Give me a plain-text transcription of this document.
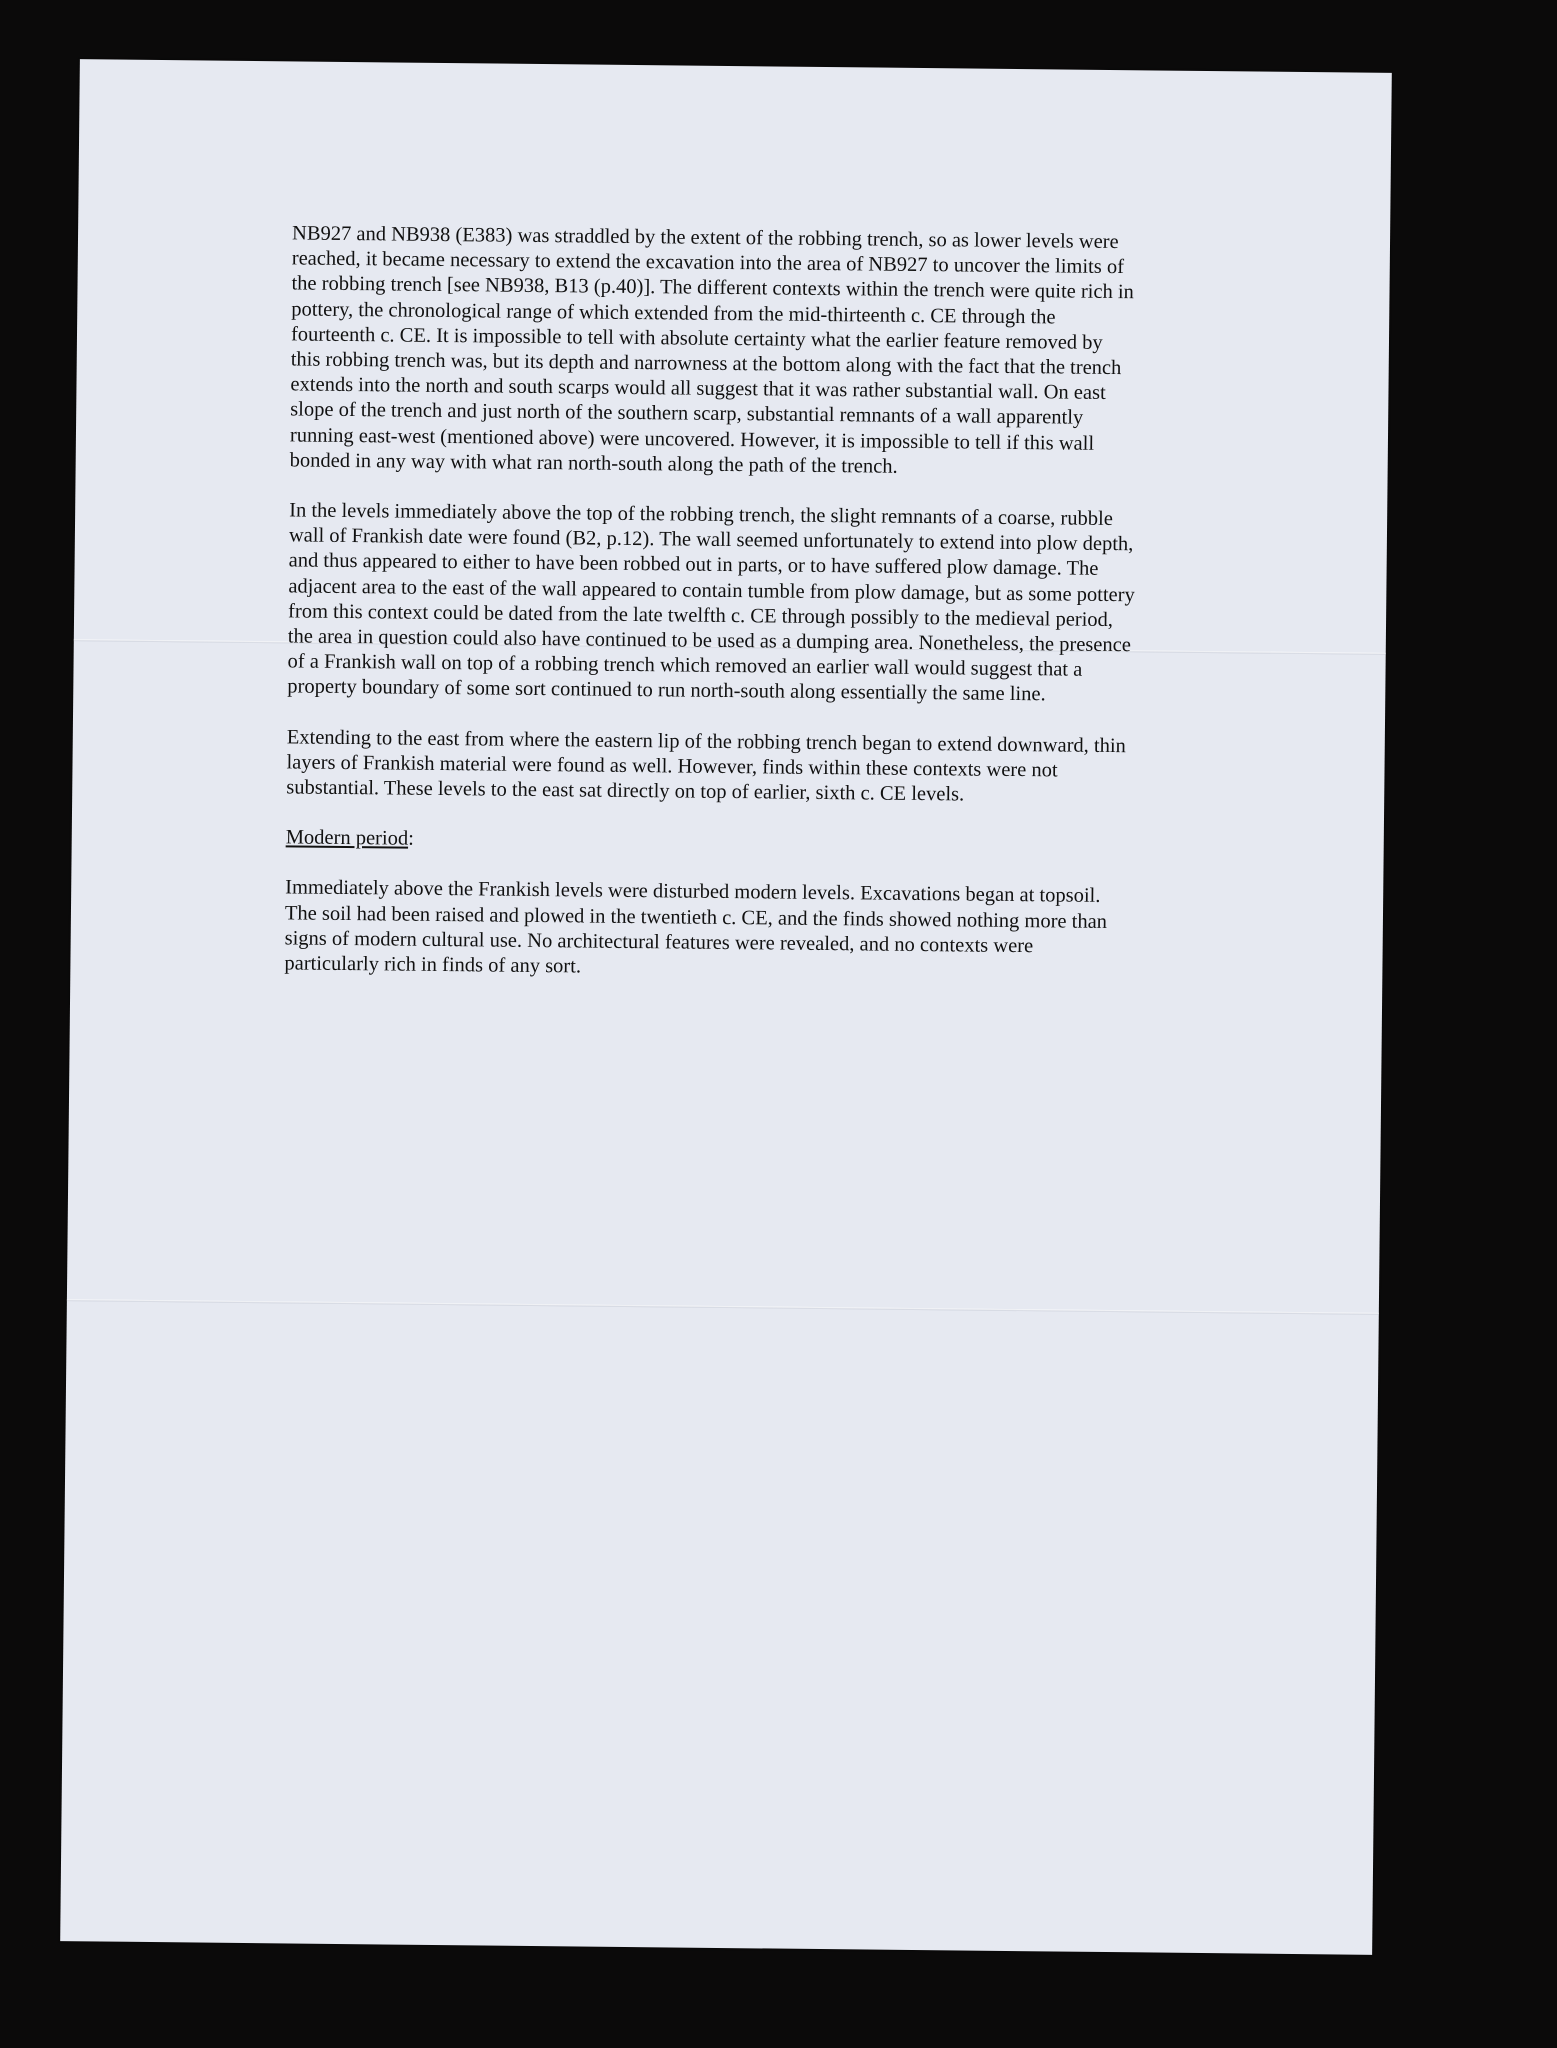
NB927 and NB938 (E383) was straddled by the extent of the robbing trench, so as lower levels were
reached, it became necessary to extend the excavation into the area of NB927 to uncover the limits of
the robbing trench [see NB938, B13 (p.40)]. The different contexts within the trench were quite rich in
pottery, the chronological range of which extended from the mid-thirteenth c. CE through the
fourteenth c. CE. It is impossible to tell with absolute certainty what the earlier feature removed by
this robbing trench was, but its depth and narrowness at the bottom along with the fact that the trench
extends into the north and south scarps would all suggest that it was rather substantial wall. On east
slope of the trench and just north of the southern scarp, substantial remnants of a wall apparently
running east-west (mentioned above) were uncovered. However, it is impossible to tell if this wall
bonded in any way with what ran north-south along the path of the trench.

In the levels immediately above the top of the robbing trench, the slight remnants of a coarse, rubble
wall of Frankish date were found (B2, p.12). The wall seemed unfortunately to extend into plow depth,
and thus appeared to either to have been robbed out in parts, or to have suffered plow damage. The
adjacent area to the east of the wall appeared to contain tumble from plow damage, but as some pottery
from this context could be dated from the late twelfth c. CE through possibly to the medieval period,
the area in question could also have continued to be used as a dumping area. Nonetheless, the presence
of a Frankish wall on top of a robbing trench which removed an earlier wall would suggest that a
property boundary of some sort continued to run north-south along essentially the same line.

Extending to the east from where the eastern lip of the robbing trench began to extend downward, thin
layers of Frankish material were found as well. However, finds within these contexts were not
substantial. These levels to the east sat directly on top of earlier, sixth c. CE levels.

Modern period:

Immediately above the Frankish levels were disturbed modern levels. Excavations began at topsoil.
The soil had been raised and plowed in the twentieth c. CE, and the finds showed nothing more than
signs of modern cultural use. No architectural features were revealed, and no contexts were
particularly rich in finds of any sort.
